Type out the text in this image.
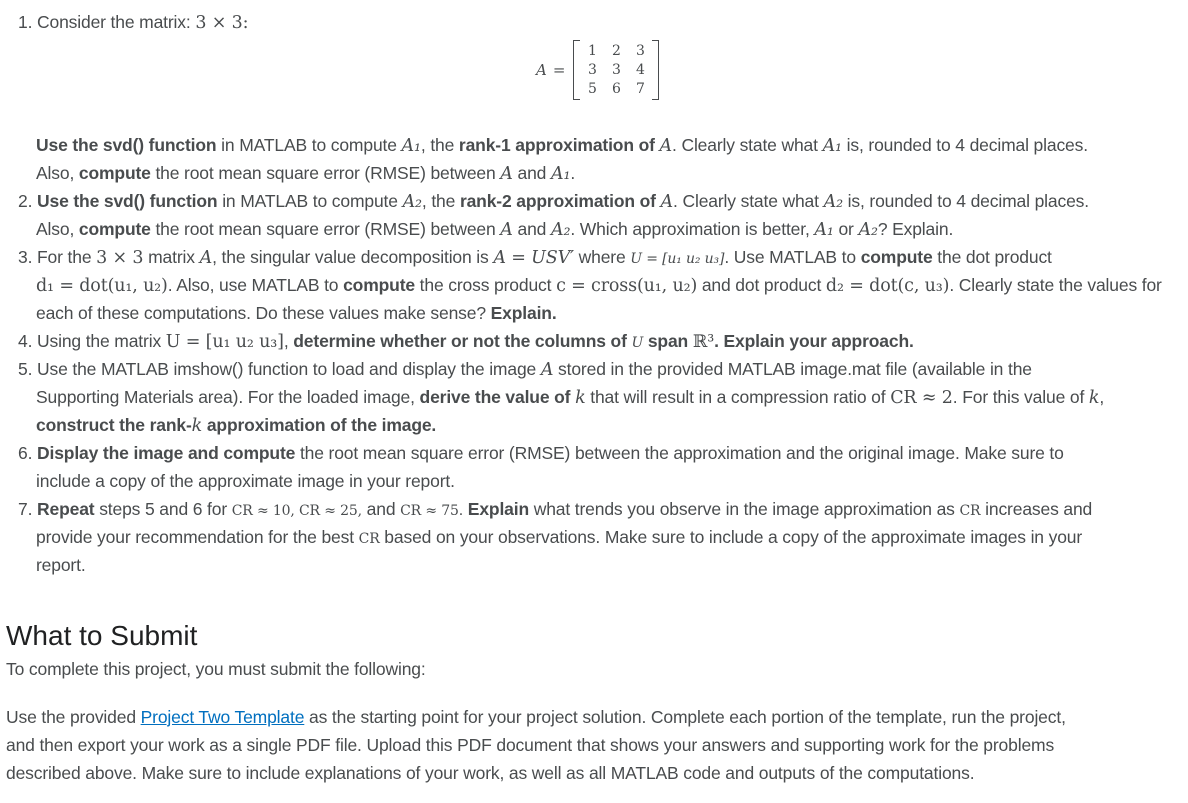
1. Consider the matrix: 3 × 3:
A =
1	2	3
3	3	4
5	6	7
Use the svd() function in MATLAB to compute A₁, the rank-1 approximation of A. Clearly state what A₁ is, rounded to 4 decimal places.
Also, compute the root mean square error (RMSE) between A and A₁.
2. Use the svd() function in MATLAB to compute A₂, the rank-2 approximation of A. Clearly state what A₂ is, rounded to 4 decimal places.
Also, compute the root mean square error (RMSE) between A and A₂. Which approximation is better, A₁ or A₂? Explain.
3. For the 3 × 3 matrix A, the singular value decomposition is A = USV′ where U = [u₁ u₂ u₃]. Use MATLAB to compute the dot product
d₁ = dot(u₁, u₂). Also, use MATLAB to compute the cross product c = cross(u₁, u₂) and dot product d₂ = dot(c, u₃). Clearly state the values for
each of these computations. Do these values make sense? Explain.
4. Using the matrix U = [u₁ u₂ u₃], determine whether or not the columns of U span ℝ³. Explain your approach.
5. Use the MATLAB imshow() function to load and display the image A stored in the provided MATLAB image.mat file (available in the
Supporting Materials area). For the loaded image, derive the value of k that will result in a compression ratio of CR ≈ 2. For this value of k,
construct the rank-k approximation of the image.
6. Display the image and compute the root mean square error (RMSE) between the approximation and the original image. Make sure to
include a copy of the approximate image in your report.
7. Repeat steps 5 and 6 for CR ≈ 10, CR ≈ 25, and CR ≈ 75. Explain what trends you observe in the image approximation as CR increases and
provide your recommendation for the best CR based on your observations. Make sure to include a copy of the approximate images in your
report.
What to Submit
To complete this project, you must submit the following:
Use the provided Project Two Template as the starting point for your project solution. Complete each portion of the template, run the project,
and then export your work as a single PDF file. Upload this PDF document that shows your answers and supporting work for the problems
described above. Make sure to include explanations of your work, as well as all MATLAB code and outputs of the computations.
